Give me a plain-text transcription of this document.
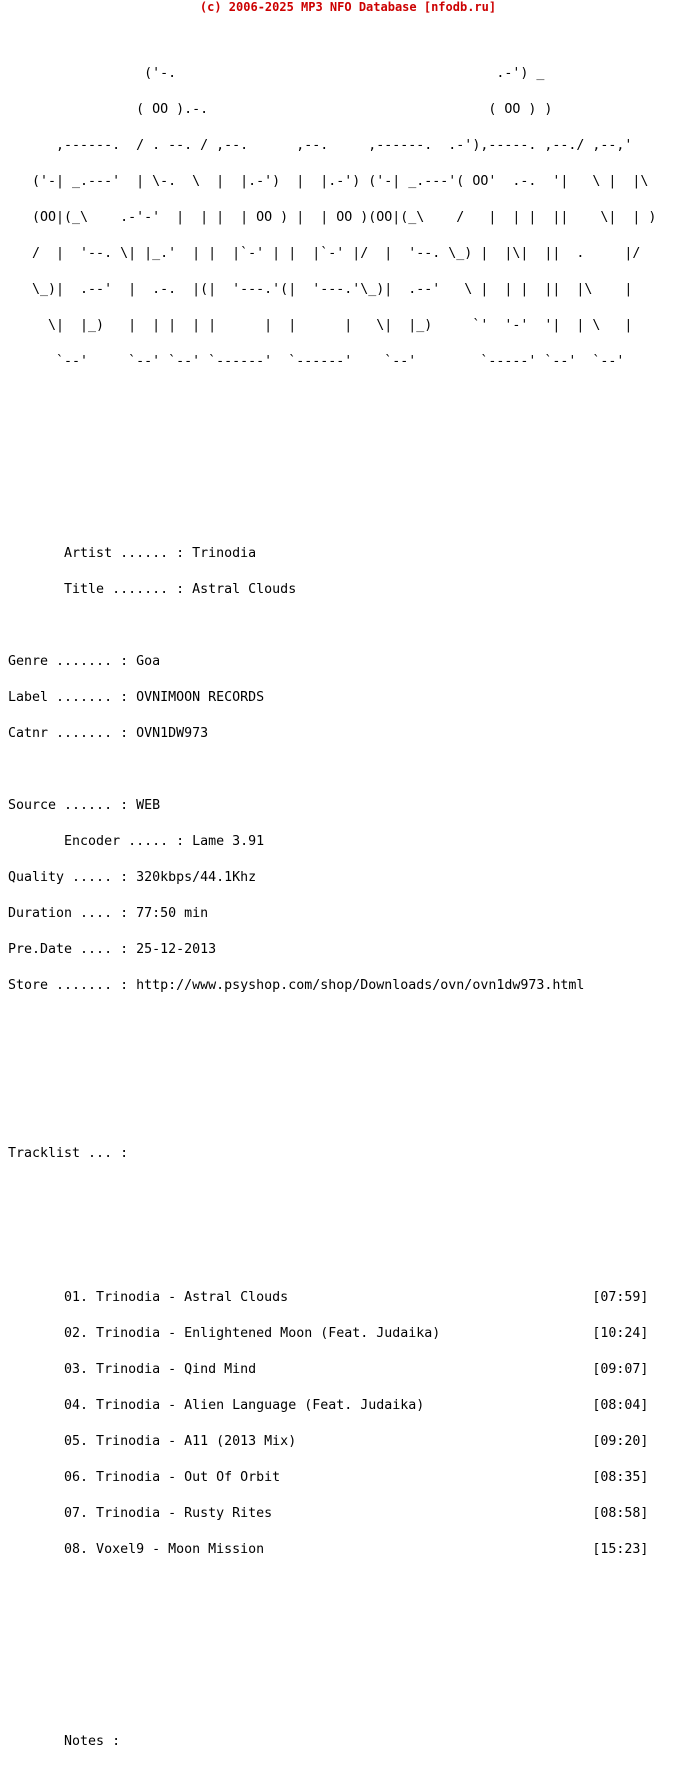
(c) 2006-2025 MP3 NFO Database [nfodb.ru]

('-.                                        .-') _

( OO ).-.                                   ( OO ) )

,------.  / . --. / ,--.      ,--.     ,------.  .-'),-----. ,--./ ,--,'

('-| _.---'  | \-.  \  |  |.-')  |  |.-') ('-| _.---'( OO'  .-.  '|   \ |  |\

(OO|(_\    .-'-'  |  | |  | OO ) |  | OO )(OO|(_\    /   |  | |  ||    \|  | )

/  |  '--. \| |_.'  | |  |`-' | |  |`-' |/  |  '--. \_) |  |\|  ||  .     |/

\_)|  .--'  |  .-.  |(|  '---.'(|  '---.'\_)|  .--'   \ |  | |  ||  |\    |

\|  |_)   |  | |  | |      |  |      |   \|  |_)     `'  '-'  '|  | \   |

`--'     `--' `--' `------'  `------'    `--'        `-----' `--'  `--'

Artist ...... : Trinodia

Title ....... : Astral Clouds

Genre ....... : Goa

Label ....... : OVNIMOON RECORDS

Catnr ....... : OVN1DW973

Source ...... : WEB

Encoder ..... : Lame 3.91

Quality ..... : 320kbps/44.1Khz

Duration .... : 77:50 min

Pre.Date .... : 25-12-2013

Store ....... : http://www.psyshop.com/shop/Downloads/ovn/ovn1dw973.html

Tracklist ... :

01. Trinodia - Astral Clouds                                      [07:59]

02. Trinodia - Enlightened Moon (Feat. Judaika)                   [10:24]

03. Trinodia - Qind Mind                                          [09:07]

04. Trinodia - Alien Language (Feat. Judaika)                     [08:04]

05. Trinodia - A11 (2013 Mix)                                     [09:20]

06. Trinodia - Out Of Orbit                                       [08:35]

07. Trinodia - Rusty Rites                                        [08:58]

08. Voxel9 - Moon Mission                                         [15:23]

Notes :
